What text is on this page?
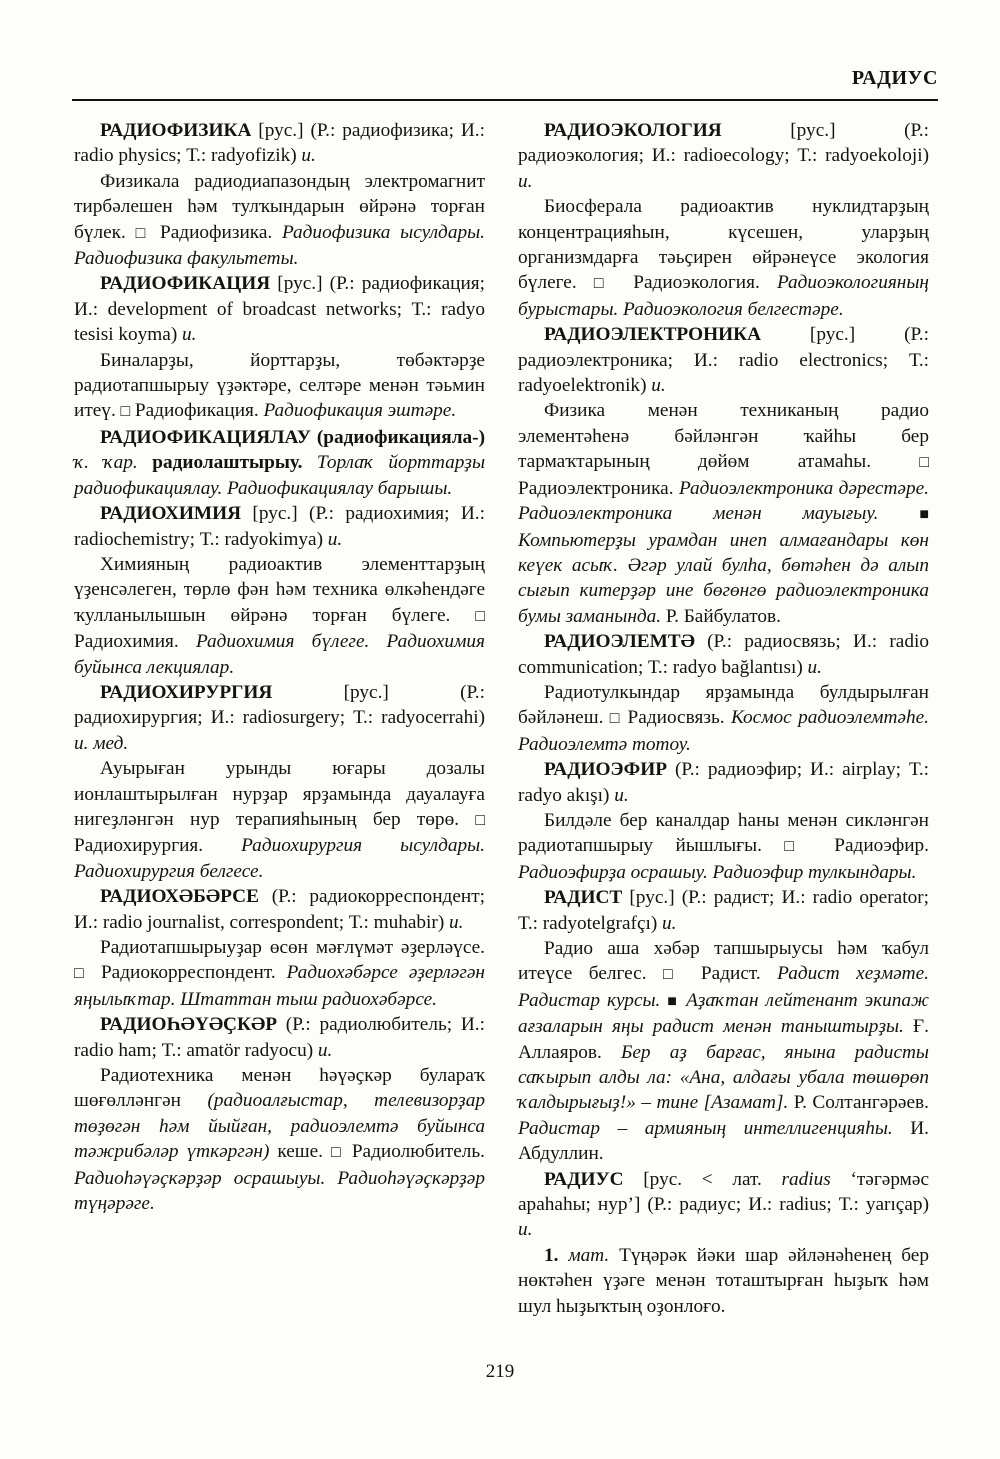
РАДИУС

РАДИОФИЗИКА [рус.] (Р.: радиофизика; И.: radio physics; Т.: radyofizik) и.

Физикала радиодиапазондың электромагнит тирбәлешен һәм тулҡындарын өйрәнә торған бүлек. □ Радиофизика. Радиофизика ысулдары. Радиофизика факультеты.

РАДИОФИКАЦИЯ [рус.] (Р.: радиофикация; И.: development of broadcast networks; Т.: radyo tesisi koyma) и.

Биналарҙы, йорттарҙы, төбәктәрҙе радиотапшырыу үҙәктәре, селтәре менән тәьмин итеү. □ Радиофикация. Радиофикация эштәре.

РАДИОФИКАЦИЯЛАУ (радиофикацияла-) ҡ. ҡар. радиолаштырыу. Торлаҡ йорттарҙы радиофикациялау. Радиофикациялау барышы.

РАДИОХИМИЯ [рус.] (Р.: радиохимия; И.: radiochemistry; Т.: radyokimya) и.

Химияның радиоактив элементтарҙың үҙенсәлеген, төрлө фән һәм техника өлкәһендәге ҡулланылышын өйрәнә торған бүлеге. □ Радиохимия. Радиохимия бүлеге. Радиохимия буйынса лекциялар.

РАДИОХИРУРГИЯ [рус.] (Р.: радиохирургия; И.: radiosurgery; Т.: radyocerrahi) и. мед.

Ауырыған урынды юғары дозалы ионлаштырылған нурҙар ярҙамында дауалауға нигеҙләнгән нур терапияһының бер төрө. □ Радиохирургия. Радиохирургия ысулдары. Радиохирургия белгесе.

РАДИОХӘБӘРСЕ (Р.: радиокорреспондент; И.: radio journalist, correspondent; Т.: muhabir) и.

Радиотапшырыуҙар өсөн мәғлүмәт әҙерләүсе. □ Радиокорреспондент. Радиохәбәрсе әҙерләгән яңылыҡтар. Штаттан тыш радиохәбәрсе.

РАДИОҺӘҮӘҪКӘР (Р.: радиолюбитель; И.: radio ham; Т.: amatör radyocu) и.

Радиотехника менән һәүәҫкәр булараҡ шөғөлләнгән (радиоалғыстар, телевизорҙар төҙөгән һәм йыйған, радиоэлемтә буйынса тәжрибәләр үткәргән) кеше. □ Радиолюбитель. Радиоһәүәҫкәрҙәр осрашыуы. Радиоһәүәҫкәрҙәр түңәрәге.

РАДИОЭКОЛОГИЯ [рус.] (Р.: радиоэкология; И.: radioecology; Т.: radyoekoloji) и.

Биосферала радиоактив нуклидтарҙың концентрацияһын, күсешен, уларҙың организмдарға тәьҫирен өйрәнеүсе экология бүлеге. □ Радиоэкология. Радиоэкологияның бурыстары. Радиоэкология белгестәре.

РАДИОЭЛЕКТРОНИКА [рус.] (Р.: радиоэлектроника; И.: radio electronics; Т.: radyoelektronik) и.

Физика менән техниканың радио элементәһенә бәйләнгән ҡайһы бер тармаҡтарының дөйөм атамаһы. □ Радиоэлектроника. Радиоэлектроника дәрестәре. Радиоэлектроника менән мауығыу. ■ Компьютерҙы урамдан инеп алмағандары көн кеүек асыҡ. Әгәр улай булһа, бөтәһен дә алып сығып китерҙәр ине бөгөнгө радиоэлектроника бумы заманында. Р. Байбулатов.

РАДИОЭЛЕМТӘ (Р.: радиосвязь; И.: radio communication; Т.: radyo bağlantısı) и.

Радиотулкындар ярҙамында булдырылған бәйләнеш. □ Радиосвязь. Космос радиоэлемтәһе. Радиоэлемтә тотоу.

РАДИОЭФИР (Р.: радиоэфир; И.: airplay; Т.: radyo akışı) и.

Билдәле бер каналдар һаны менән сикләнгән радиотапшырыу йышлығы. □	Радиоэфир. Радиоэфирҙа осрашыу. Радиоэфир тулкындары.

РАДИСТ [рус.] (Р.: радист; И.: radio operator; Т.: radyotelgrafçı) и.

Радио аша хәбәр тапшырыусы һәм ҡабул итеүсе белгес. □ Радист. Радист хеҙмәте. Радистар курсы. ■ Аҙаҡтан лейтенант экипаж ағзаларын яңы радист менән таныштырҙы. Ғ. Аллаяров. Бер аҙ барғас, янына радисты саҡырып алды ла: «Ана, алдағы убала төшөрөп ҡалдырығыҙ!» – тине [Азамат]. Р. Солтангәрәев. Радистар – армияның интеллигенцияһы. И. Абдуллин.

РАДИУС [рус. < лат. radius ‘тәгәрмәс араһаһы; нур’] (Р.: радиус; И.: radius; Т.: yarıçap) и.

1. мат. Түңәрәк йәки шар әйләнәһенең бер нөктәһен үҙәге менән тоташтырған һыҙыҡ һәм шул һыҙыҡтың оҙонлоғо.

219
